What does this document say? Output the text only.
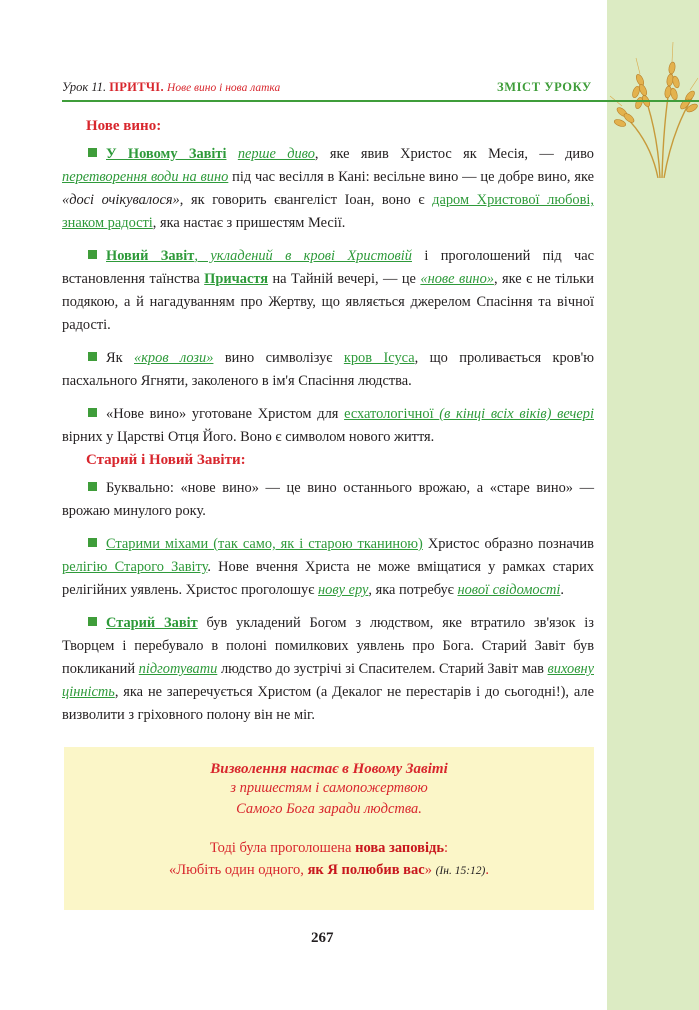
Урок 11. ПРИТЧІ. Нове вино і нова латка	ЗМІСТ УРОКУ
Нове вино:

У Новому Завіті перше диво, яке явив Христос як Месія, — диво перетворення води на вино під час весілля в Кані: весільне вино — це добре вино, яке «досі очікувалося», як говорить євангеліст Іоан, воно є даром Христової любові, знаком радості, яка настає з пришестям Месії.

Новий Завіт, укладений в крові Христовій і проголошений під час встановлення таїнства Причастя на Тайній вечері, — це «нове вино», яке є не тільки подякою, а й нагадуванням про Жертву, що являється джерелом Спасіння та вічної радості.

Як «кров лози» вино символізує кров Ісуса, що проливається кров'ю пасхального Ягняти, заколеного в ім'я Спасіння людства.

«Нове вино» уготоване Христом для есхатологічної (в кінці всіх віків) вечері вірних у Царстві Отця Його. Воно є символом нового життя.

Старий і Новий Завіти:

Буквально: «нове вино» — це вино останнього врожаю, а «старе вино» — врожаю минулого року.

Старими міхами (так само, як і старою тканиною) Христос образно позначив релігію Старого Завіту. Нове вчення Христа не може вміщатися у рамках старих релігійних уявлень. Христос проголошує нову еру, яка потребує нової свідомості.

Старий Завіт був укладений Богом з людством, яке втратило зв'язок із Творцем і перебувало в полоні помилкових уявлень про Бога. Старий Завіт був покликаний підготувати людство до зустрічі зі Спасителем. Старий Завіт мав виховну цінність, яка не заперечується Христом (а Декалог не перестарів і до сьогодні!), але визволити з гріховного полону він не міг.

Визволення настає в Новому Завіті
з пришестям і самопожертвою
Самого Бога заради людства.
Тоді була проголошена нова заповідь:
«Любіть один одного, як Я полюбив вас» (Ін. 15:12).
267
